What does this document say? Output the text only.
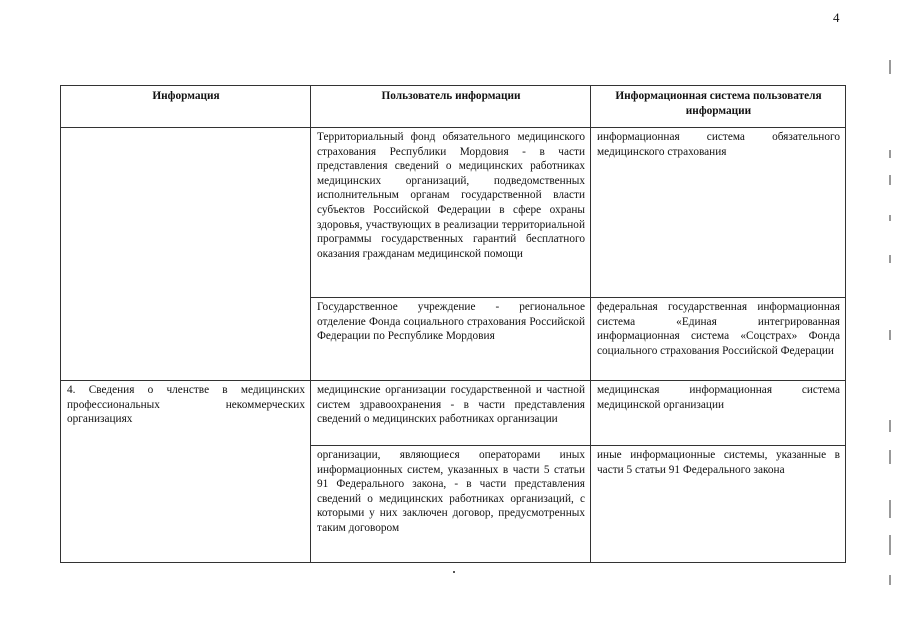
4
Информация	Пользователь информации	Информационная система пользователя информации
	Территориальный фонд обязательного медицинского страхования Республики Мордовия - в части представления сведений о медицинских работниках медицинских организаций, подведомственных исполнительным органам государственной власти субъектов Российской Федерации в сфере охраны здоровья, участвующих в реализации территориальной программы государственных гарантий бесплатного оказания гражданам медицинской помощи	информационная система обязательного медицинского страхования
	Государственное учреждение - региональное отделение Фонда социального страхования Российской Федерации по Республике Мордовия	федеральная государственная информационная система «Единая интегрированная информационная система «Соцстрах» Фонда социального страхования Российской Федерации
4. Сведения о членстве в медицинских профессиональных некоммерческих организациях	медицинские организации государственной и частной систем здравоохранения - в части представления сведений о медицинских работниках организации	медицинская информационная система медицинской организации
	организации, являющиеся операторами иных информационных систем, указанных в части 5 статьи 91 Федерального закона, - в части представления сведений о медицинских работниках организаций, с которыми у них заключен договор, предусмотренных таким договором	иные информационные системы, указанные в части 5 статьи 91 Федерального закона
